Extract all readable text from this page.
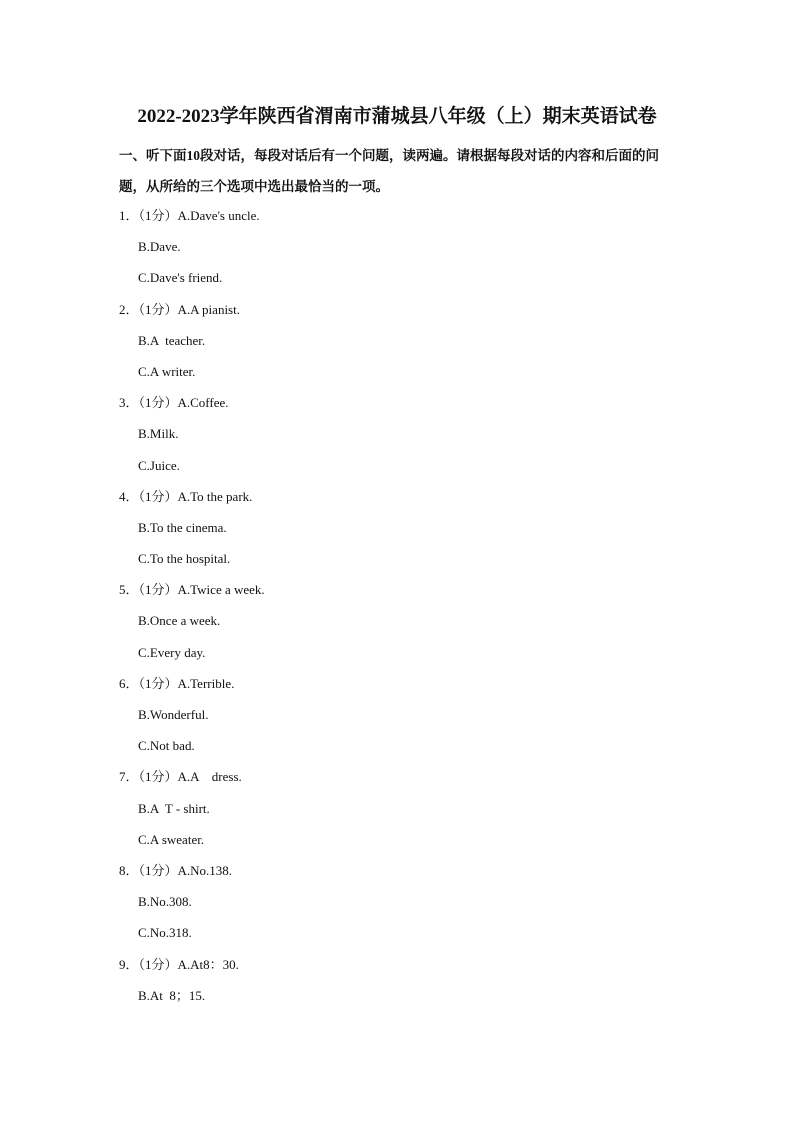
2022-2023学年陕西省渭南市蒲城县八年级（上）期末英语试卷
一、听下面10段对话，每段对话后有一个问题，读两遍。请根据每段对话的内容和后面的问题，从所给的三个选项中选出最恰当的一项。
1．（1分）A.Dave's uncle.
B.Dave.
C.Dave's friend.
2．（1分）A.A pianist.
B.A  teacher.
C.A writer.
3．（1分）A.Coffee.
B.Milk.
C.Juice.
4．（1分）A.To the park.
B.To the cinema.
C.To the hospital.
5．（1分）A.Twice a week.
B.Once a week.
C.Every day.
6．（1分）A.Terrible.
B.Wonderful.
C.Not bad.
7．（1分）A.A    dress.
B.A  T - shirt.
C.A sweater.
8．（1分）A.No.138.
B.No.308.
C.No.318.
9．（1分）A.At8：30.
B.At  8；15.
